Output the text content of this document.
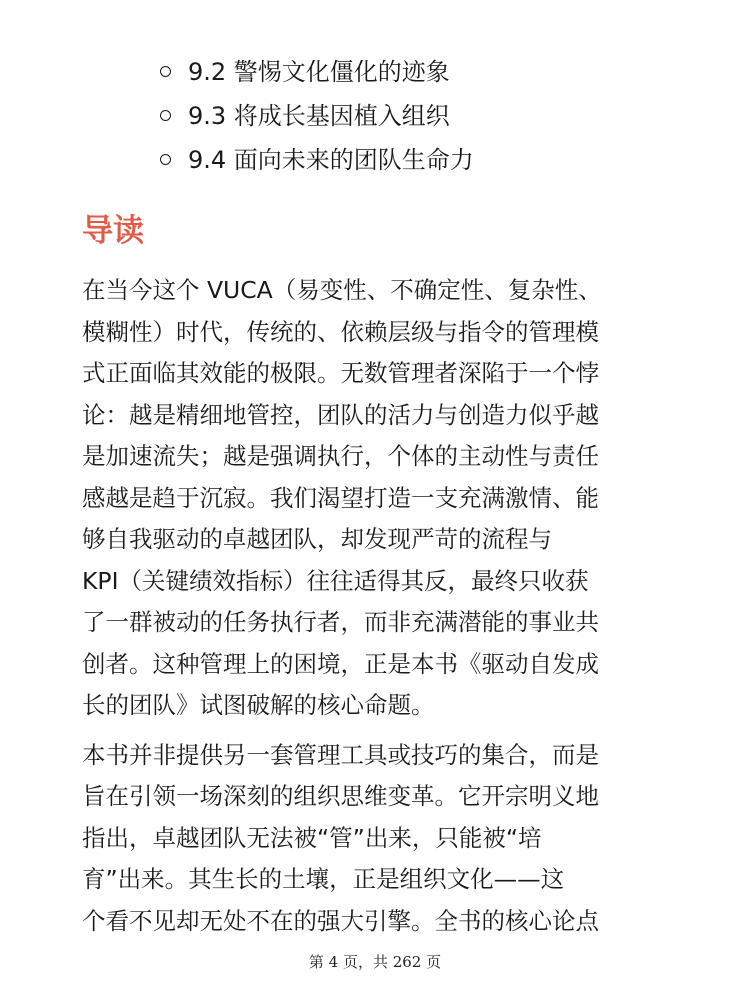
9.2 警惕文化僵化的迹象
9.3 将成长基因植入组织
9.4 面向未来的团队生命力
导读

在当今这个 VUCA（易变性、不确定性、复杂性、
模糊性）时代，传统的、依赖层级与指令的管理模
式正面临其效能的极限。无数管理者深陷于一个悖
论：越是精细地管控，团队的活力与创造力似乎越
是加速流失；越是强调执行，个体的主动性与责任
感越是趋于沉寂。我们渴望打造一支充满激情、能
够自我驱动的卓越团队，却发现严苛的流程与
KPI（关键绩效指标）往往适得其反，最终只收获
了一群被动的任务执行者，而非充满潜能的事业共
创者。这种管理上的困境，正是本书《驱动自发成
长的团队》试图破解的核心命题。

本书并非提供另一套管理工具或技巧的集合，而是
旨在引领一场深刻的组织思维变革。它开宗明义地
指出，卓越团队无法被“管”出来，只能被“培
育”出来。其生长的土壤，正是组织文化——这
个看不见却无处不在的强大引擎。全书的核心论点

第 4 页，共 262 页
